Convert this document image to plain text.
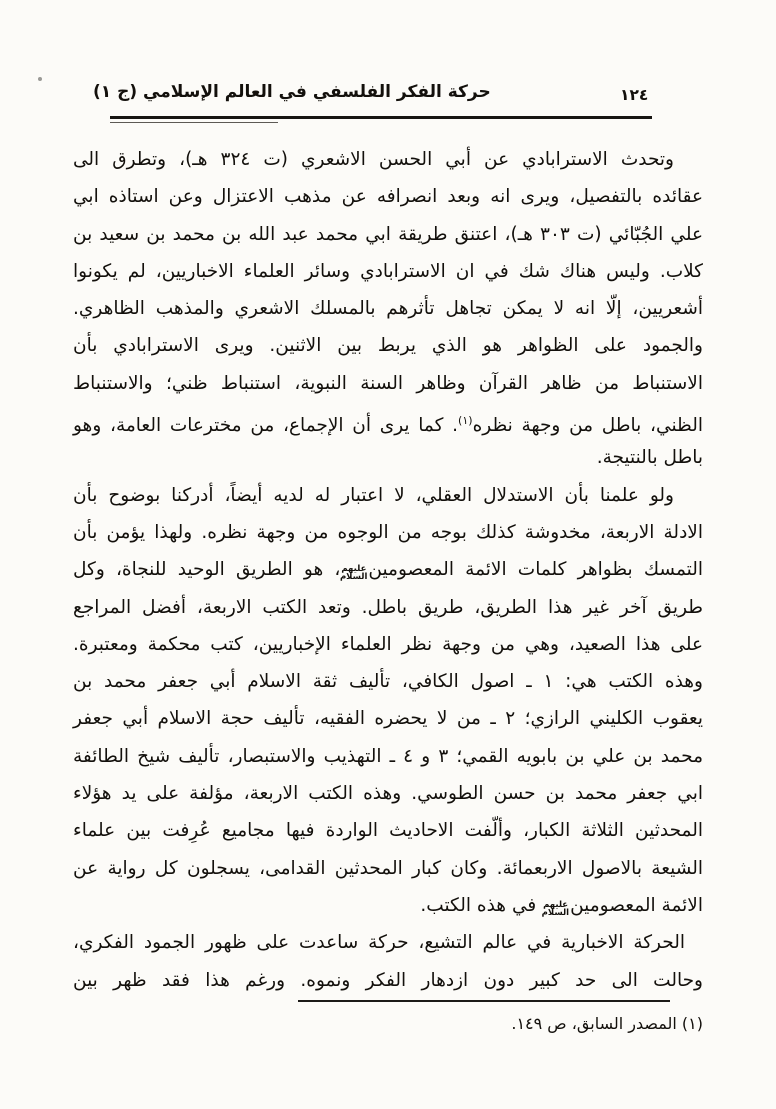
حركة الفكر الفلسفي في العالم الإسلامي (ج ١)	١٢٤
وتحدث الاسترابادي عن أبي الحسن الاشعري (ت ٣٢٤ هـ)، وتطرق الى
عقائده بالتفصيل، ويرى انه وبعد انصرافه عن مذهب الاعتزال وعن استاذه ابي
علي الجُبّائي (ت ٣٠٣ هـ)، اعتنق طريقة ابي محمد عبد الله بن محمد بن سعيد بن
كلاب. وليس هناك شك في ان الاسترابادي وسائر العلماء الاخباريين، لم يكونوا
أشعريين، إلّا انه لا يمكن تجاهل تأثرهم بالمسلك الاشعري والمذهب الظاهري.
والجمود على الظواهر هو الذي يربط بين الاثنين. ويرى الاسترابادي بأن
الاستنباط من ظاهر القرآن وظاهر السنة النبوية، استنباط ظني؛ والاستنباط
الظني، باطل من وجهة نظره$^{(١)}$. كما يرى أن الإجماع، من مخترعات العامة، وهو
باطل بالنتيجة.
ولو علمنا بأن الاستدلال العقلي، لا اعتبار له لديه أيضاً، أدركنا بوضوح بأن
الادلة الاربعة، مخدوشة كذلك بوجه من الوجوه من وجهة نظره. ولهذا يؤمن بأن
التمسك بظواهر كلمات الائمة المعصومينعليهم السلام، هو الطريق الوحيد للنجاة، وكل
طريق آخر غير هذا الطريق، طريق باطل. وتعد الكتب الاربعة، أفضل المراجع
على هذا الصعيد، وهي من وجهة نظر العلماء الإخباريين، كتب محكمة ومعتبرة.
وهذه الكتب هي: ١ ـ اصول الكافي، تأليف ثقة الاسلام أبي جعفر محمد بن
يعقوب الكليني الرازي؛ ٢ ـ من لا يحضره الفقيه، تأليف حجة الاسلام أبي جعفر
محمد بن علي بن بابويه القمي؛ ٣ و ٤ ـ التهذيب والاستبصار، تأليف شيخ الطائفة
ابي جعفر محمد بن حسن الطوسي. وهذه الكتب الاربعة، مؤلفة على يد هؤلاء
المحدثين الثلاثة الكبار، وألّفت الاحاديث الواردة فيها مجاميع عُرِفت بين علماء
الشيعة بالاصول الاربعمائة. وكان كبار المحدثين القدامى، يسجلون كل رواية عن
الائمة المعصومينعليهم السلام في هذه الكتب.
الحركة الاخبارية في عالم التشيع، حركة ساعدت على ظهور الجمود الفكري،
وحالت الى حد كبير دون ازدهار الفكر ونموه. ورغم هذا فقد ظهر بين
(١) المصدر السابق، ص ١٤٩.
